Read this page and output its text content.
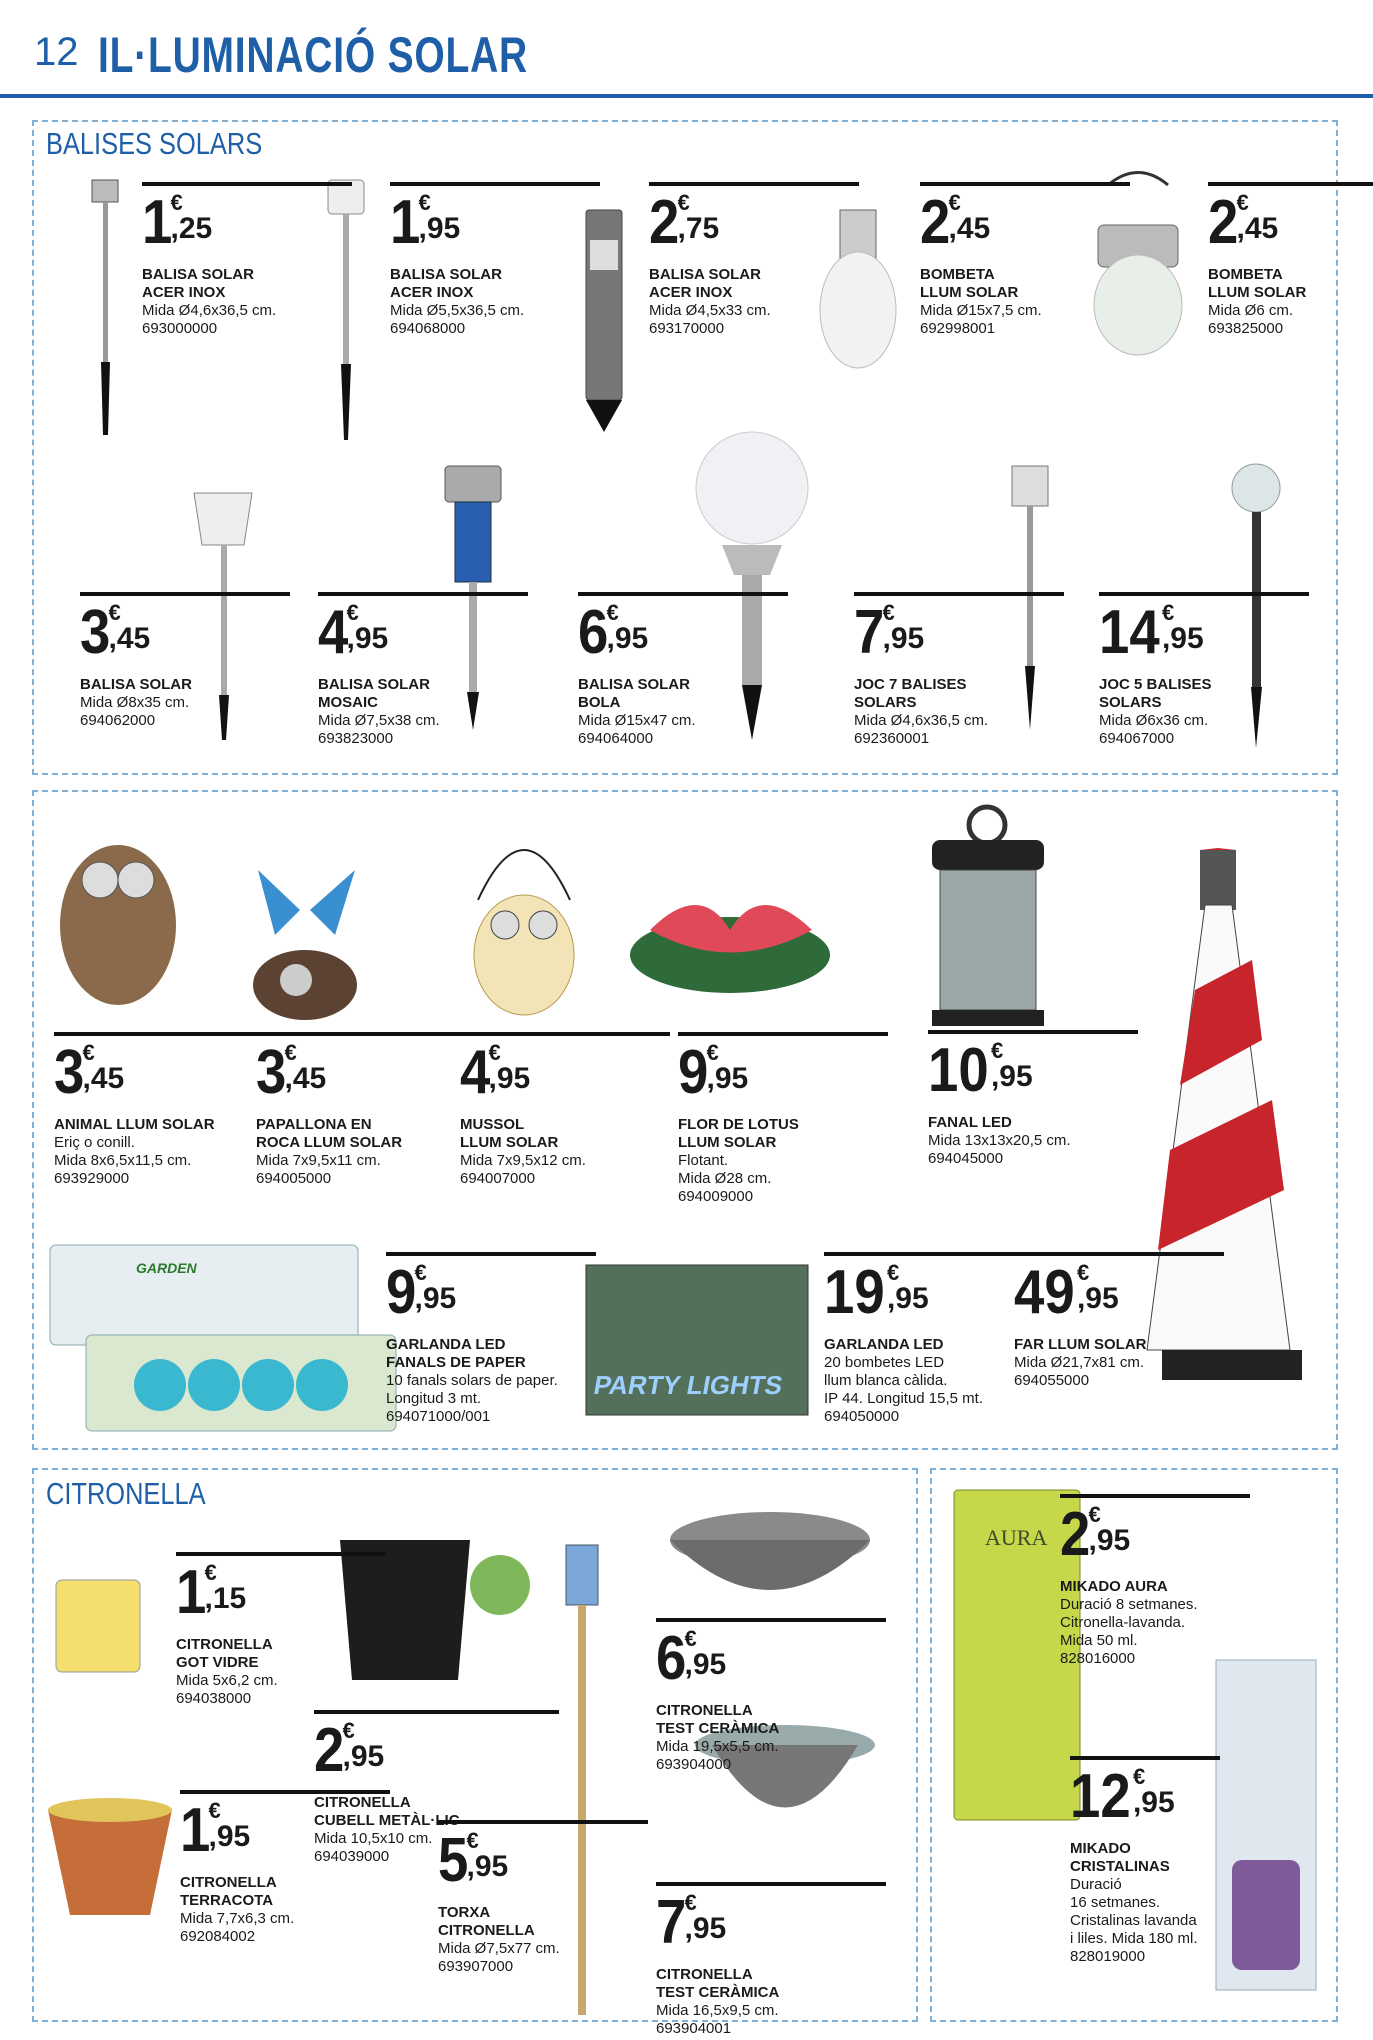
12 IL·LUMINACIÓ SOLAR
BALISES SOLARS
CITRONELLA
GARDEN
PARTY LIGHTS
AURA
1
€
,25
BALISA SOLAR
ACER INOX
Mida Ø4,6x36,5 cm.
693000000
1
€
,95
BALISA SOLAR
ACER INOX
Mida Ø5,5x36,5 cm.
694068000
2
€
,75
BALISA SOLAR
ACER INOX
Mida Ø4,5x33 cm.
693170000
2
€
,45
BOMBETA
LLUM SOLAR
Mida Ø15x7,5 cm.
692998001
2
€
,45
BOMBETA
LLUM SOLAR
Mida Ø6 cm.
693825000
3
€
,45
BALISA SOLAR
Mida Ø8x35 cm.
694062000
4
€
,95
BALISA SOLAR
MOSAIC
Mida Ø7,5x38 cm.
693823000
6
€
,95
BALISA SOLAR
BOLA
Mida Ø15x47 cm.
694064000
7
€
,95
JOC 7 BALISES
SOLARS
Mida Ø4,6x36,5 cm.
692360001
14 €
,95
JOC 5 BALISES
SOLARS
Mida Ø6x36 cm.
694067000
3
€
,45
ANIMAL LLUM SOLAR
Eriç o conill.
Mida 8x6,5x11,5 cm.
693929000
3
€
,45
PAPALLONA EN
ROCA LLUM SOLAR
Mida 7x9,5x11 cm.
694005000
4
€
,95
MUSSOL
LLUM SOLAR
Mida 7x9,5x12 cm.
694007000
9
€
,95
FLOR DE LOTUS
LLUM SOLAR
Flotant.
Mida Ø28 cm.
694009000
10 €
,95
FANAL LED
Mida 13x13x20,5 cm.
694045000
9
€
,95
GARLANDA LED
FANALS DE PAPER
10 fanals solars de paper.
Longitud 3 mt.
694071000/001
19 €
,95
GARLANDA LED
20 bombetes LED
llum blanca càlida.
IP 44. Longitud 15,5 mt.
694050000
49 €
,95
FAR LLUM SOLAR
Mida Ø21,7x81 cm.
694055000
1
€
,15
CITRONELLA
GOT VIDRE
Mida 5x6,2 cm.
694038000
1
€
,95
CITRONELLA
TERRACOTA
Mida 7,7x6,3 cm.
692084002
2
€
,95
CITRONELLA
CUBELL METÀL·LIC
Mida 10,5x10 cm.
694039000 5
€
,95
TORXA
CITRONELLA
Mida Ø7,5x77 cm.
693907000
6
€
,95
CITRONELLA
TEST CERÀMICA
Mida 19,5x5,5 cm.
693904000
7
€
,95
CITRONELLA
TEST CERÀMICA
Mida 16,5x9,5 cm.
693904001
2
€
,95
MIKADO AURA
Duració 8 setmanes.
Citronella-lavanda.
Mida 50 ml.
828016000
12 €
,95
MIKADO
CRISTALINAS
Duració
16 setmanes.
Cristalinas lavanda
i liles. Mida 180 ml.
828019000
